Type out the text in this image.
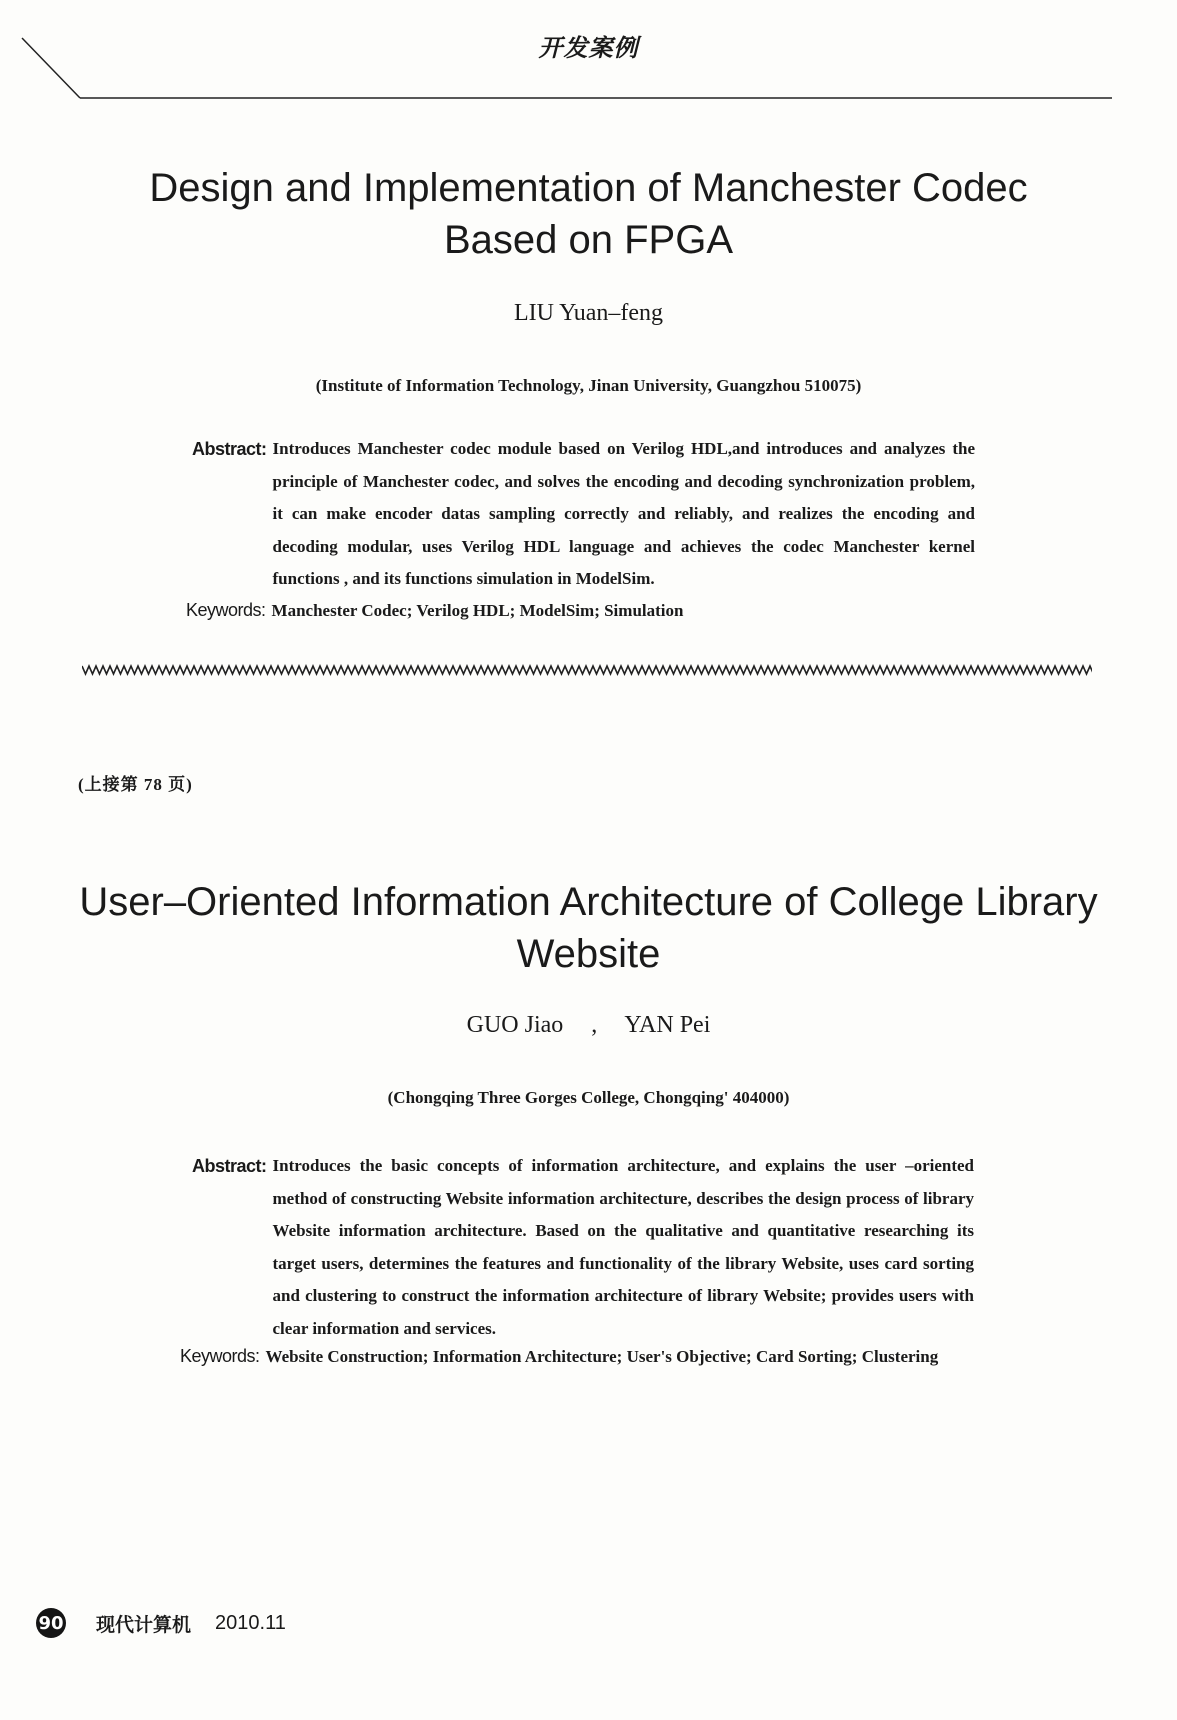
开发案例
Design and Implementation of Manchester Codec
Based on FPGA
LIU Yuan–feng
(Institute of Information Technology, Jinan University, Guangzhou 510075)
Abstract: Introduces Manchester codec module based on Verilog HDL,and introduces and analyzes the principle of Manchester codec, and solves the encoding and decoding synchronization problem, it can make encoder datas sampling correctly and reliably, and realizes the encoding and decoding modular, uses Verilog HDL language and achieves the codec Manchester kernel functions , and its functions simulation in ModelSim.
Keywords: Manchester Codec; Verilog HDL; ModelSim; Simulation
(上接第 78 页)
User–Oriented Information Architecture of College Library
Website
GUO Jiao , YAN Pei
(Chongqing Three Gorges College, Chongqing' 404000)
Abstract: Introduces the basic concepts of information architecture, and explains the user –oriented method of constructing Website information architecture, describes the design process of library Website information architecture. Based on the qualitative and quantitative researching its target users, determines the features and functionality of the library Website, uses card sorting and clustering to construct the information architecture of library Website; provides users with clear information and services.
Keywords: Website Construction; Information Architecture; User's Objective; Card Sorting; Clustering
90 现代计算机 2010.11
